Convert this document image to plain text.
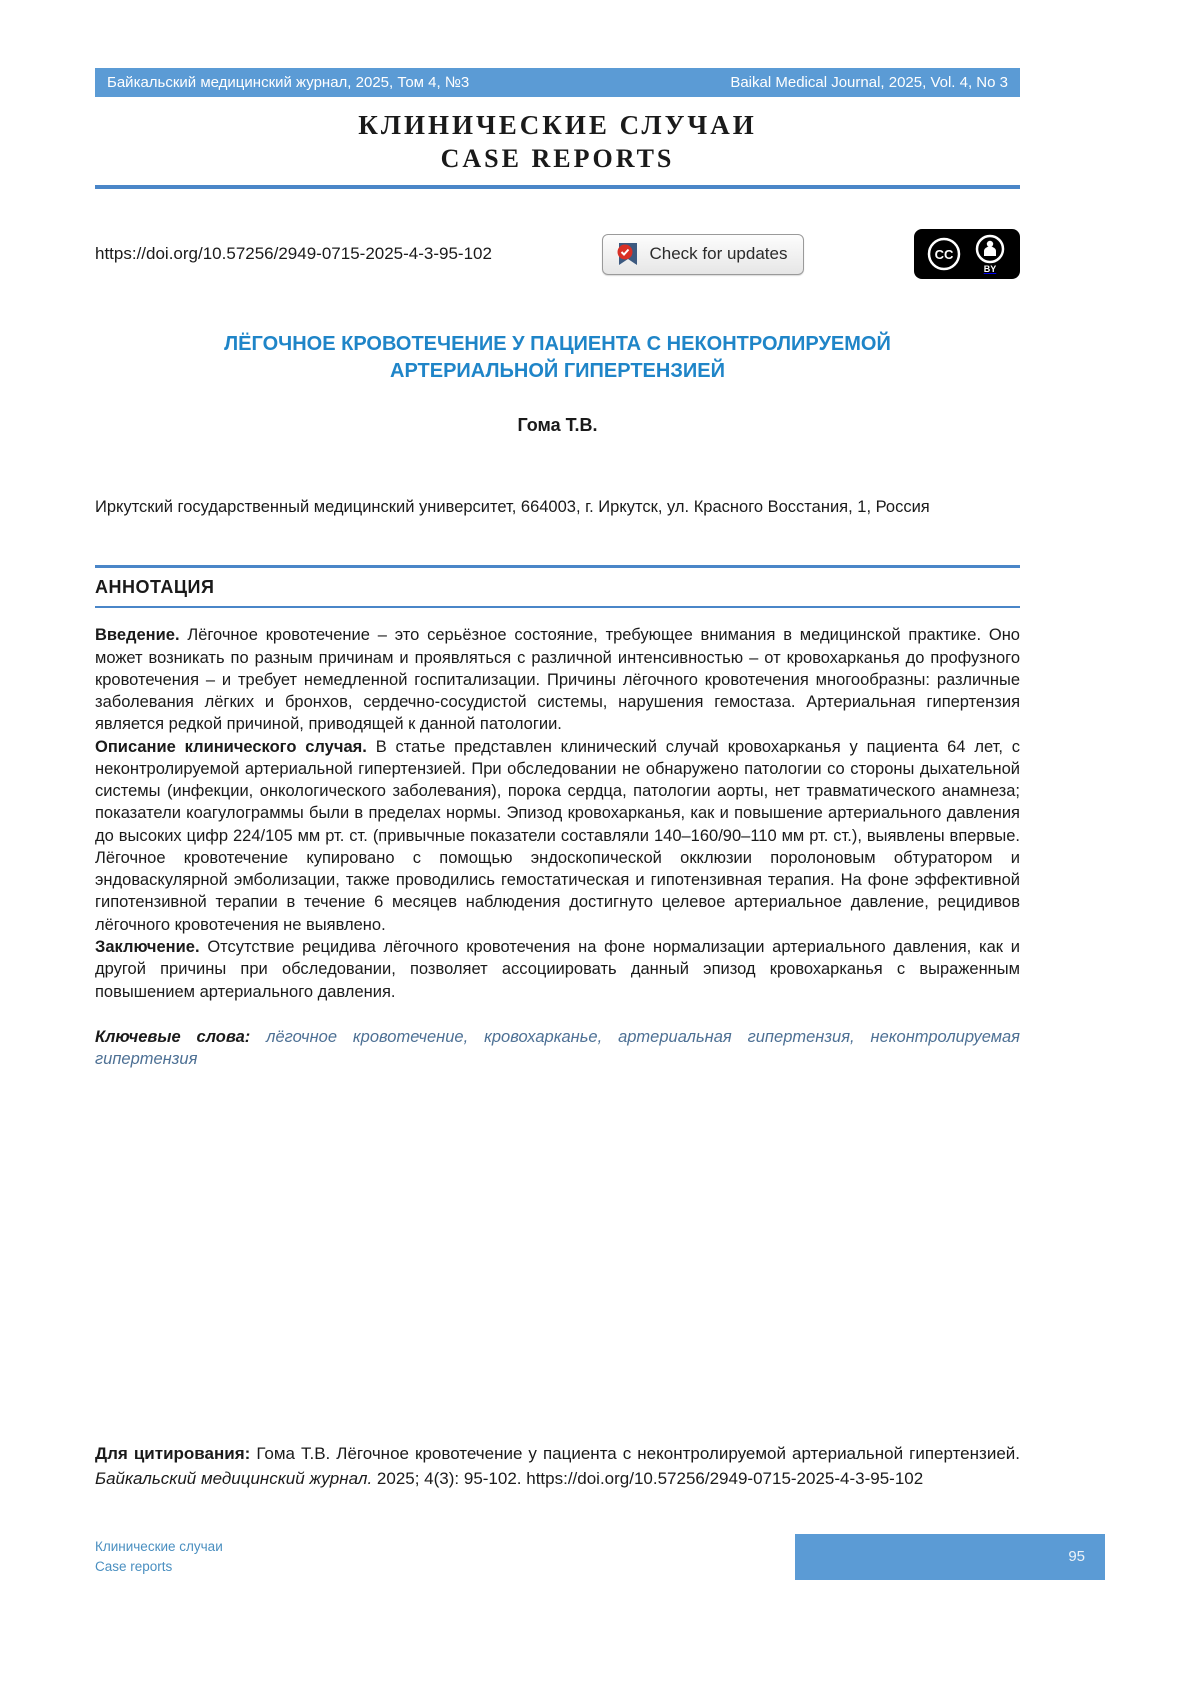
Байкальский медицинский журнал, 2025, Том 4, №3	Baikal Medical Journal, 2025, Vol. 4, No 3
КЛИНИЧЕСКИЕ СЛУЧАИ
CASE REPORTS
https://doi.org/10.57256/2949-0715-2025-4-3-95-102	Check for updates	CC
BY
ЛЁГОЧНОЕ КРОВОТЕЧЕНИЕ У ПАЦИЕНТА С НЕКОНТРОЛИРУЕМОЙ АРТЕРИАЛЬНОЙ ГИПЕРТЕНЗИЕЙ
Гома Т.В.
Иркутский государственный медицинский университет, 664003, г. Иркутск, ул. Красного Восстания, 1, Россия
АННОТАЦИЯ

Введение. Лёгочное кровотечение – это серьёзное состояние, требующее внимания в медицинской практике. Оно может возникать по разным причинам и проявляться с различной интенсивностью – от кровохарканья до профузного кровотечения – и требует немедленной госпитализации. Причины лёгочного кровотечения многообразны: различные заболевания лёгких и бронхов, сердечно-сосудистой системы, нарушения гемостаза. Артериальная гипертензия является редкой причиной, приводящей к данной патологии.

Описание клинического случая. В статье представлен клинический случай кровохарканья у пациента 64 лет, с неконтролируемой артериальной гипертензией. При обследовании не обнаружено патологии со стороны дыхательной системы (инфекции, онкологического заболевания), порока сердца, патологии аорты, нет травматического анамнеза; показатели коагулограммы были в пределах нормы. Эпизод кровохарканья, как и повышение артериального давления до высоких цифр 224/105 мм рт. ст. (привычные показатели составляли 140–160/90–110 мм рт. ст.), выявлены впервые. Лёгочное кровотечение купировано с помощью эндоскопической окклюзии поролоновым обтуратором и эндоваскулярной эмболизации, также проводились гемостатическая и гипотензивная терапия. На фоне эффективной гипотензивной терапии в течение 6 месяцев наблюдения достигнуто целевое артериальное давление, рецидивов лёгочного кровотечения не выявлено.

Заключение. Отсутствие рецидива лёгочного кровотечения на фоне нормализации артериального давления, как и другой причины при обследовании, позволяет ассоциировать данный эпизод кровохарканья с выраженным повышением артериального давления.

Ключевые слова: лёгочное кровотечение, кровохарканье, артериальная гипертензия, неконтролируемая гипертензия

Для цитирования: Гома Т.В. Лёгочное кровотечение у пациента с неконтролируемой артериальной гипертензией. Байкальский медицинский журнал. 2025; 4(3): 95-102. https://doi.org/10.57256/2949-0715-2025-4-3-95-102

Клинические случаи
Case reports
95
